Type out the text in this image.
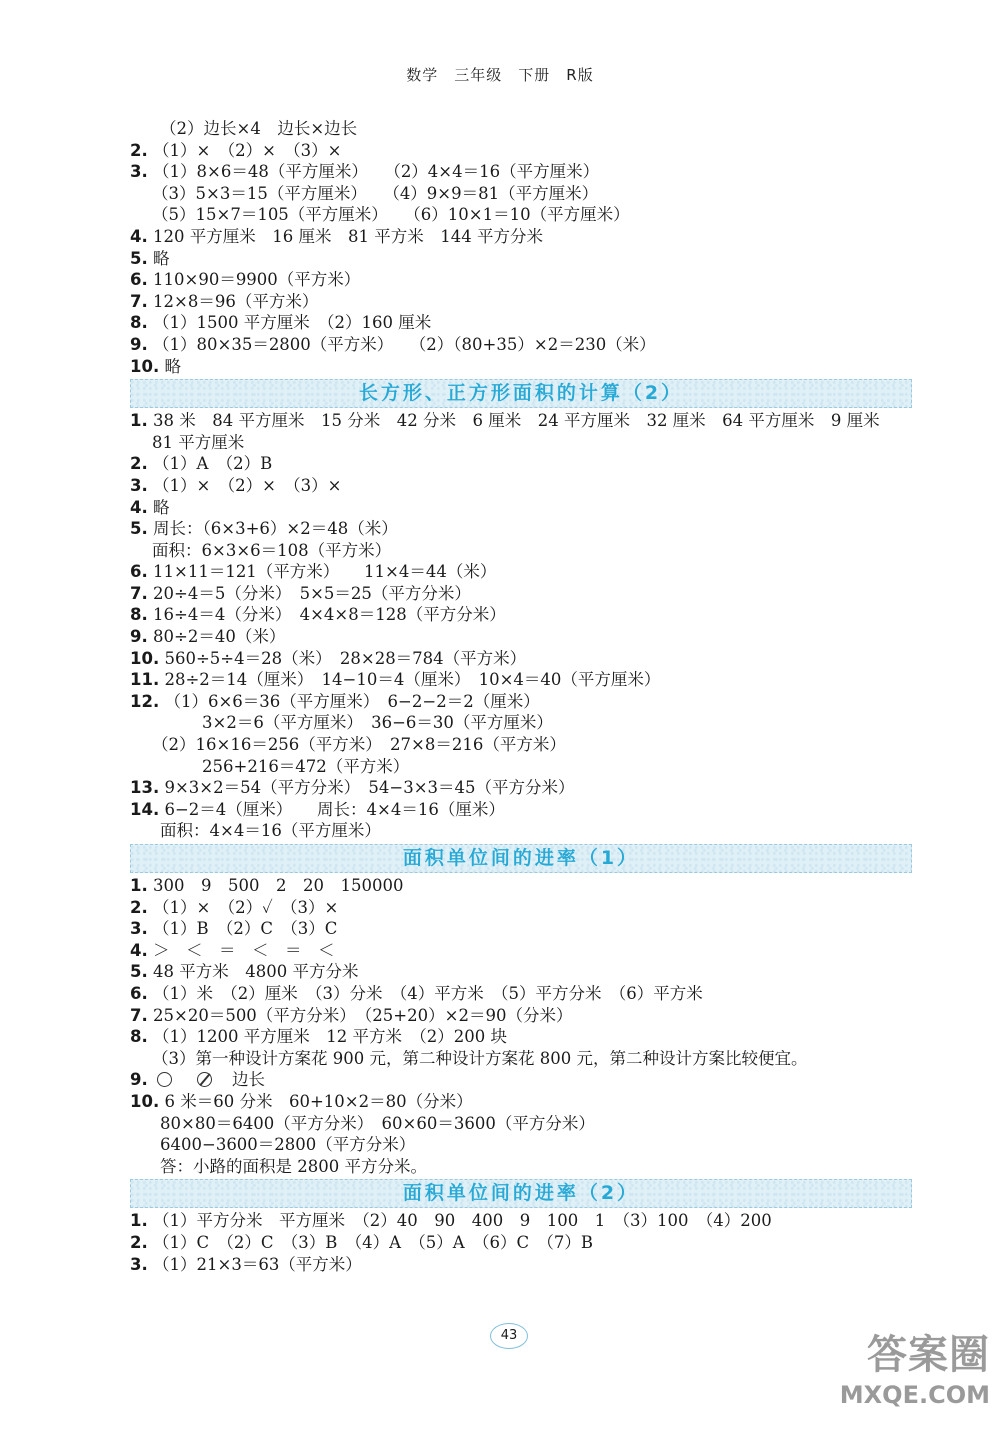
数学　三年级　下册　R版
（2）边长×4　边长×边长
2. （1）×　（2）×　（3）×
3. （1）8×6＝48（平方厘米）　　（2）4×4＝16（平方厘米）
（3）5×3＝15（平方厘米）　　（4）9×9＝81（平方厘米）
（5）15×7＝105（平方厘米）　　（6）10×1＝10（平方厘米）
4. 120 平方厘米　16 厘米　81 平方米　144 平方分米
5. 略
6. 110×90＝9900（平方米）
7. 12×8＝96（平方米）
8. （1）1500 平方厘米　（2）160 厘米
9. （1）80×35＝2800（平方米）　　（2）（80+35）×2＝230（米）
10. 略
长方形、正方形面积的计算（2）
1. 38 米　84 平方厘米　15 分米　42 分米　6 厘米　24 平方厘米　32 厘米　64 平方厘米　9 厘米
81 平方厘米
2. （1）A　（2）B
3. （1）×　（2）×　（3）×
4. 略
5. 周长：（6×3+6）×2＝48（米）
面积：6×3×6＝108（平方米）
6. 11×11＝121（平方米）　　11×4＝44（米）
7. 20÷4＝5（分米）　5×5＝25（平方分米）
8. 16÷4＝4（分米）　4×4×8＝128（平方分米）
9. 80÷2＝40（米）
10. 560÷5÷4＝28（米）　28×28＝784（平方米）
11. 28÷2＝14（厘米）　14−10＝4（厘米）　10×4＝40（平方厘米）
12. （1）6×6＝36（平方厘米）　6−2−2＝2（厘米）
3×2＝6（平方厘米）　36−6＝30（平方厘米）
（2）16×16＝256（平方米）　27×8＝216（平方米）
256+216＝472（平方米）
13. 9×3×2＝54（平方分米）　54−3×3＝45（平方分米）
14. 6−2＝4（厘米）　　周长：4×4＝16（厘米）
面积：4×4＝16（平方厘米）
面积单位间的进率（1）
1. 300　9　500　2　20　150000
2. （1）×　（2）✓　（3）×
3. （1）B　（2）C　（3）C
4. ＞　＜　＝　＜　＝　＜
5. 48 平方米　4800 平方分米
6. （1）米　（2）厘米　（3）分米　（4）平方米　（5）平方分米　（6）平方米
7. 25×20＝500（平方分米）　（25+20）×2＝90（分米）
8. （1）1200 平方厘米　12 平方米　（2）200 块
（3）第一种设计方案花 900 元，第二种设计方案花 800 元，第二种设计方案比较便宜。
9. 　　	边长
10. 6 米＝60 分米　60+10×2＝80（分米）
80×80＝6400（平方分米）　60×60＝3600（平方分米）
6400−3600＝2800（平方分米）
答：小路的面积是 2800 平方分米。
面积单位间的进率（2）
1. （1）平方分米　平方厘米　（2）40　90　400　9　100　1　（3）100　（4）200
2. （1）C　（2）C　（3）B　（4）A　（5）A　（6）C　（7）B
3. （1）21×3＝63（平方米）
43	答案圈
MXQE.COM
